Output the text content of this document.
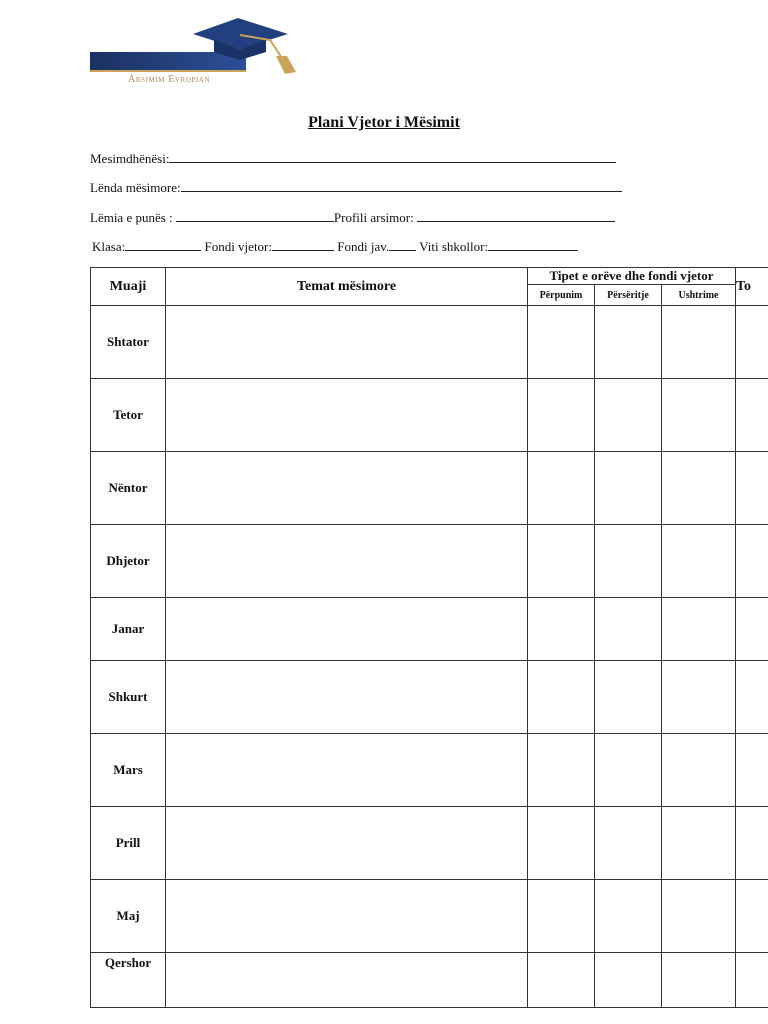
Arsimim Evropian
Plani Vjetor i Mësimit
Mesimdhënësi:
Lënda mësimore:
Lëmia e punës :	Profili arsimor:
Klasa:	Fondi vjetor:	Fondi jav. Viti shkollor:
Muaji	Temat mësimore	Tipet e orëve dhe fondi vjetor			To
		Përpunim	Përsëritje	Ushtrime	
Shtator					
Tetor					
Nëntor					
Dhjetor					
Janar					
Shkurt					
Mars					
Prill					
Maj					
Qershor					
